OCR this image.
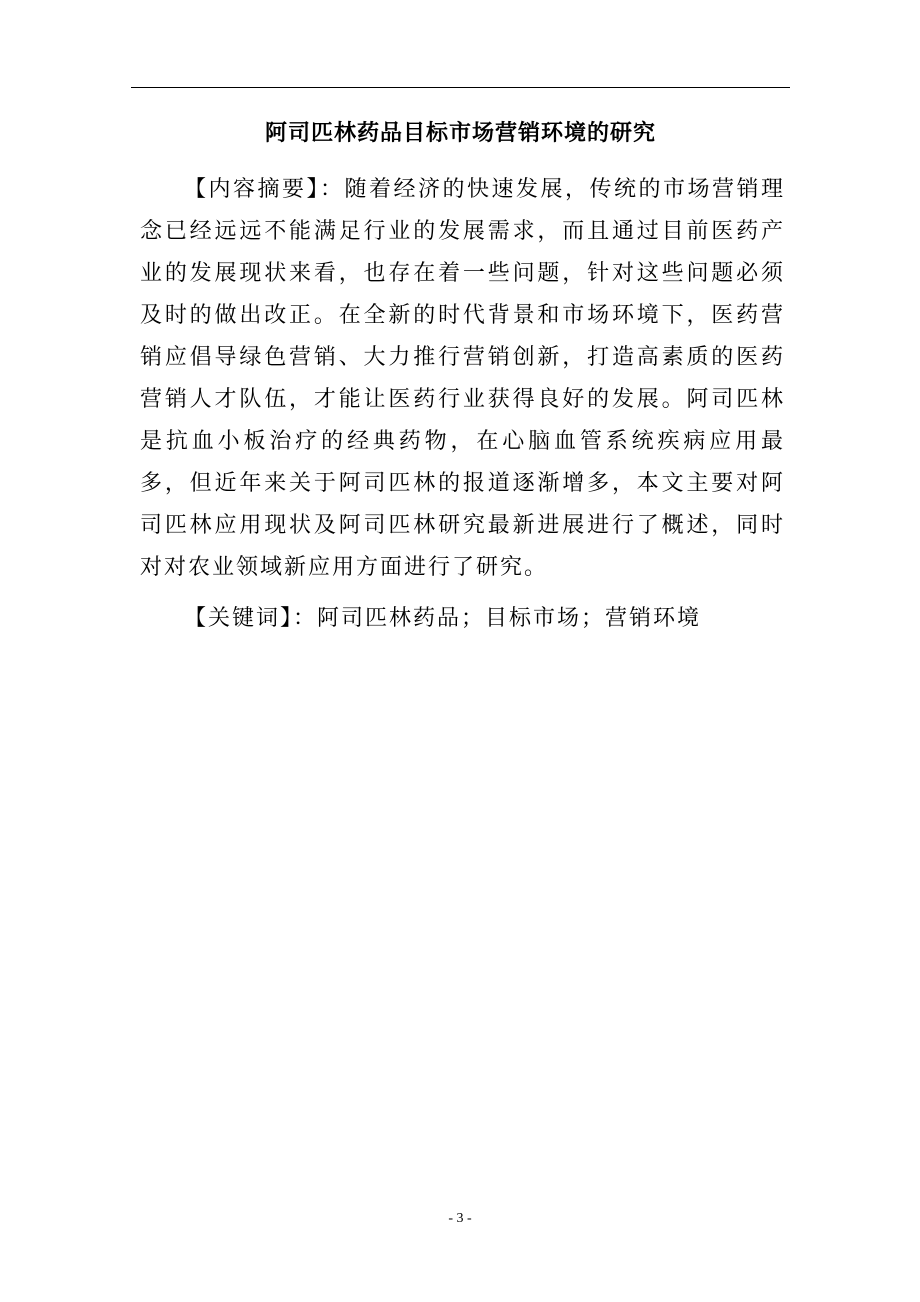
阿司匹林药品目标市场营销环境的研究

【内容摘要】：随着经济的快速发展，传统的市场营销理念已经远远不能满足行业的发展需求，而且通过目前医药产业的发展现状来看，也存在着一些问题，针对这些问题必须及时的做出改正。在全新的时代背景和市场环境下，医药营销应倡导绿色营销、大力推行营销创新，打造高素质的医药营销人才队伍，才能让医药行业获得良好的发展。阿司匹林是抗血小板治疗的经典药物，在心脑血管系统疾病应用最多，但近年来关于阿司匹林的报道逐渐增多，本文主要对阿司匹林应用现状及阿司匹林研究最新进展进行了概述，同时对对农业领域新应用方面进行了研究。

【关键词】：阿司匹林药品；目标市场；营销环境
- 3 -
